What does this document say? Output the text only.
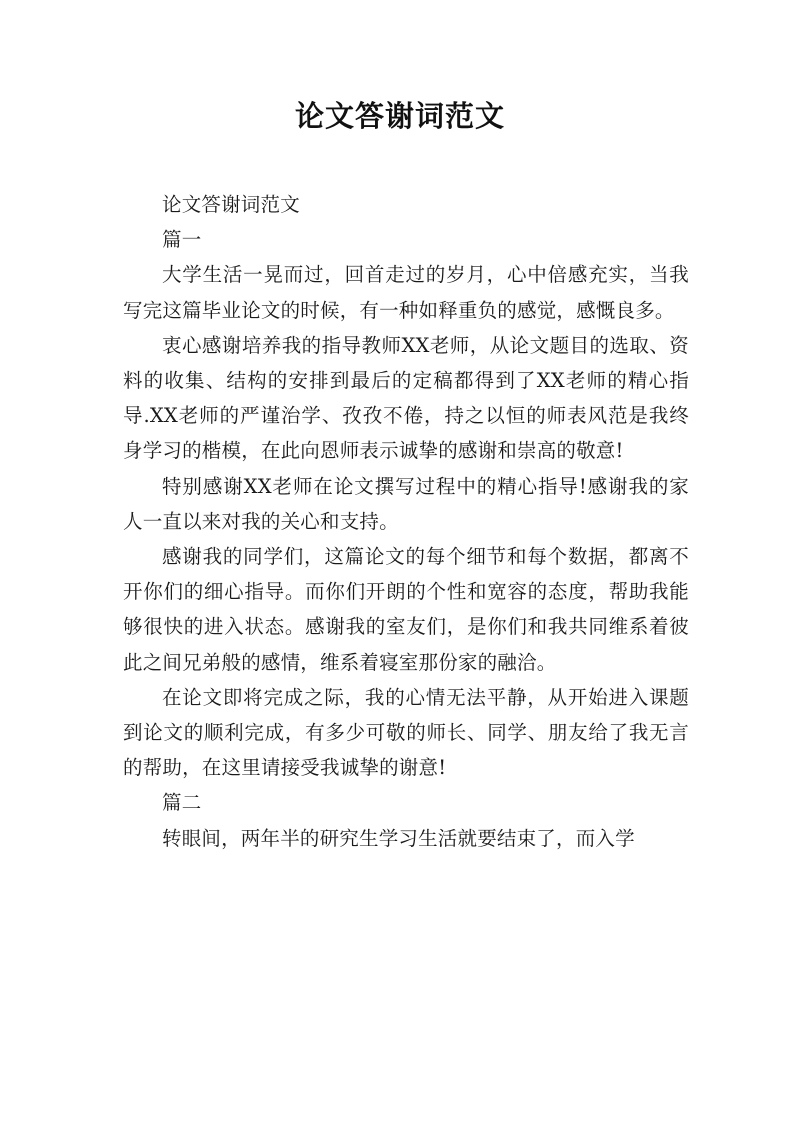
论文答谢词范文

论文答谢词范文

篇一

大学生活一晃而过，回首走过的岁月，心中倍感充实，当我写完这篇毕业论文的时候，有一种如释重负的感觉，感慨良多。

衷心感谢培养我的指导教师XX老师，从论文题目的选取、资料的收集、结构的安排到最后的定稿都得到了XX老师的精心指导.XX老师的严谨治学、孜孜不倦，持之以恒的师表风范是我终身学习的楷模，在此向恩师表示诚挚的感谢和崇高的敬意!

特别感谢XX老师在论文撰写过程中的精心指导!感谢我的家人一直以来对我的关心和支持。

感谢我的同学们，这篇论文的每个细节和每个数据，都离不开你们的细心指导。而你们开朗的个性和宽容的态度，帮助我能够很快的进入状态。感谢我的室友们，是你们和我共同维系着彼此之间兄弟般的感情，维系着寝室那份家的融洽。

在论文即将完成之际，我的心情无法平静，从开始进入课题到论文的顺利完成，有多少可敬的师长、同学、朋友给了我无言的帮助，在这里请接受我诚挚的谢意!

篇二

转眼间，两年半的研究生学习生活就要结束了，而入学
